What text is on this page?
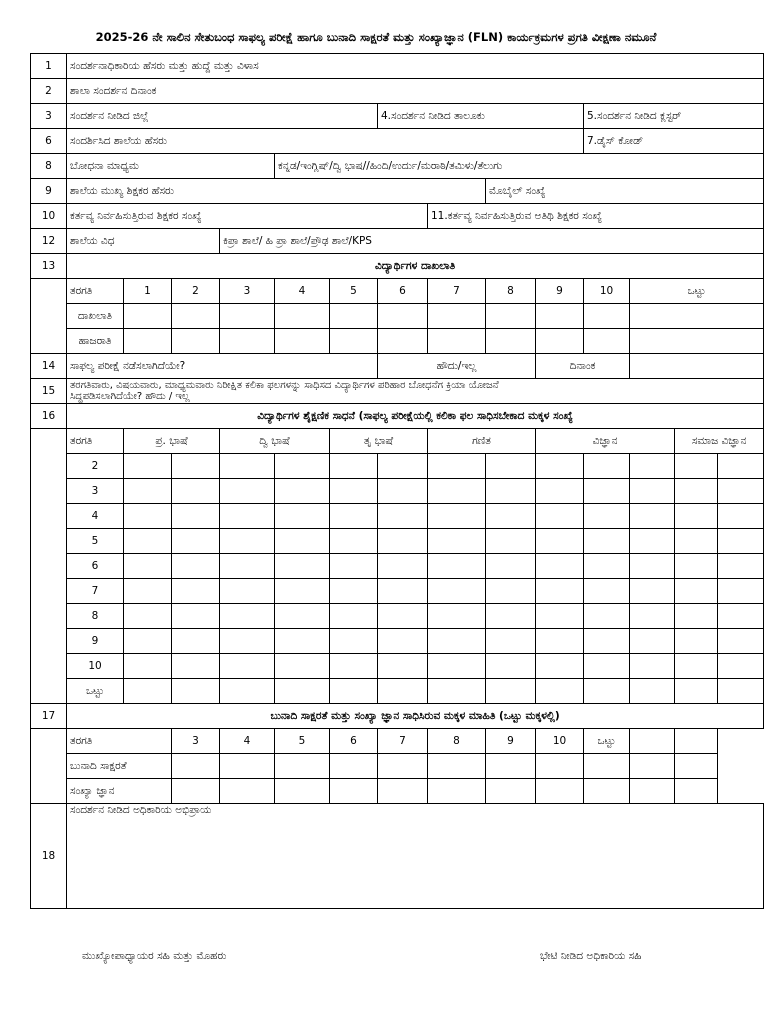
2025-26 ನೇ ಸಾಲಿನ ಸೇತುಬಂಧ ಸಾಫಲ್ಯ ಪರೀಕ್ಷೆ ಹಾಗೂ ಬುನಾದಿ ಸಾಕ್ಷರತೆ ಮತ್ತು ಸಂಖ್ಯಾಜ್ಞಾನ (FLN) ಕಾರ್ಯಕ್ರಮಗಳ ಪ್ರಗತಿ ವೀಕ್ಷಣಾ ನಮೂನೆ
1	ಸಂದರ್ಶನಾಧಿಕಾರಿಯ ಹೆಸರು ಮತ್ತು ಹುದ್ದೆ ಮತ್ತು ವಿಳಾಸ													
2	ಶಾಲಾ ಸಂದರ್ಶನ ದಿನಾಂಕ													
3	ಸಂದರ್ಶನ ನೀಡಿದ ಜಿಲ್ಲೆ						4.ಸಂದರ್ಶನ ನೀಡಿದ ತಾಲೂಕು				5.ಸಂದರ್ಶನ ನೀಡಿದ ಕ್ಲಸ್ಟರ್			
6	ಸಂದರ್ಶಿಸಿದ ಶಾಲೆಯ ಹೆಸರು										7.ಡೈಸ್ ಕೋಡ್			
8	ಬೋಧನಾ ಮಾಧ್ಯಮ				ಕನ್ನಡ/ಇಂಗ್ಲಿಷ್/ದ್ವಿ ಭಾಷ//ಹಿಂದಿ/ಉರ್ದು/ಮರಾಠಿ/ತಮಿಳು/ತೆಲುಗು									
9	ಶಾಲೆಯ ಮುಖ್ಯ ಶಿಕ್ಷಕರ ಹೆಸರು								ಮೊಬೈಲ್ ಸಂಖ್ಯೆ					
10	ಕರ್ತವ್ಯ ನಿರ್ವಹಿಸುತ್ತಿರುವ ಶಿಕ್ಷಕರ ಸಂಖ್ಯೆ							11.ಕರ್ತವ್ಯ ನಿರ್ವಹಿಸುತ್ತಿರುವ ಅತಿಥಿ ಶಿಕ್ಷಕರ ಸಂಖ್ಯೆ						
12	ಶಾಲೆಯ ವಿಧ			ಕಿಪ್ರಾ ಶಾಲೆ/ ಹಿ ಪ್ರಾ ಶಾಲೆ/ಪ್ರೌಢ ಶಾಲೆ/KPS										
13	ವಿದ್ಯಾರ್ಥಿಗಳ ದಾಖಲಾತಿ													
	ತರಗತಿ	1	2	3	4	5	6	7	8	9	10	ಒಟ್ಟು		
	ದಾಖಲಾತಿ													
	ಹಾಜರಾತಿ													
14	ಸಾಫಲ್ಯ ಪರೀಕ್ಷೆ ನಡೆಸಲಾಗಿದೆಯೇ?						ಹೌದು/ಇಲ್ಲ			ದಿನಾಂಕ				
15	ತರಗತಿವಾರು, ವಿಷಯವಾರು, ಮಾಧ್ಯಮವಾರು ನಿರೀಕ್ಷಿತ ಕಲಿಕಾ ಫಲಗಳನ್ನು ಸಾಧಿಸದ ವಿದ್ಯಾರ್ಥಿಗಳ ಪರಿಹಾರ ಬೋಧನೆಗ ಕ್ರಿಯಾ ಯೋಜನೆ
ಸಿದ್ಧಪಡಿಸಲಾಗಿದೆಯೇ? ಹೌದು / ಇಲ್ಲ													

16	ವಿದ್ಯಾರ್ಥಿಗಳ ಶೈಕ್ಷಣಿಕ ಸಾಧನೆ (ಸಾಫಲ್ಯ ಪರೀಕ್ಷೆಯಲ್ಲಿ ಕಲಿಕಾ ಫಲ ಸಾಧಿಸಬೇಕಾದ ಮಕ್ಕಳ ಸಂಖ್ಯೆ													
	ತರಗತಿ	ಪ್ರ. ಭಾಷೆ		ದ್ವಿ ಭಾಷೆ		ತೃ ಭಾಷೆ		ಗಣಿತ		ವಿಜ್ಞಾನ			ಸಮಾಜ ವಿಜ್ಞಾನ	
	2													
	3													
	4													
	5													
	6													
	7													
	8													
	9													
	10													
	ಒಟ್ಟು													
17	ಬುನಾದಿ ಸಾಕ್ಷರತೆ ಮತ್ತು ಸಂಖ್ಯಾ ಜ್ಞಾನ ಸಾಧಿಸಿರುವ ಮಕ್ಕಳ ಮಾಹಿತಿ (ಒಟ್ಟು ಮಕ್ಕಳಲ್ಲಿ)													
	ತರಗತಿ		3	4	5	6	7	8	9	10	ಒಟ್ಟು			
	ಬುನಾದಿ ಸಾಕ್ಷರತೆ													
	ಸಂಖ್ಯಾ ಜ್ಞಾನ													
18	ಸಂದರ್ಶನ ನೀಡಿದ ಅಧಿಕಾರಿಯ ಅಭಿಪ್ರಾಯ													
ಮುಖ್ಯೋಪಾಧ್ಯಾಯರ ಸಹಿ ಮತ್ತು ಮೊಹರು	ಭೇಟಿ ನೀಡಿದ ಅಧಿಕಾರಿಯ ಸಹಿ
